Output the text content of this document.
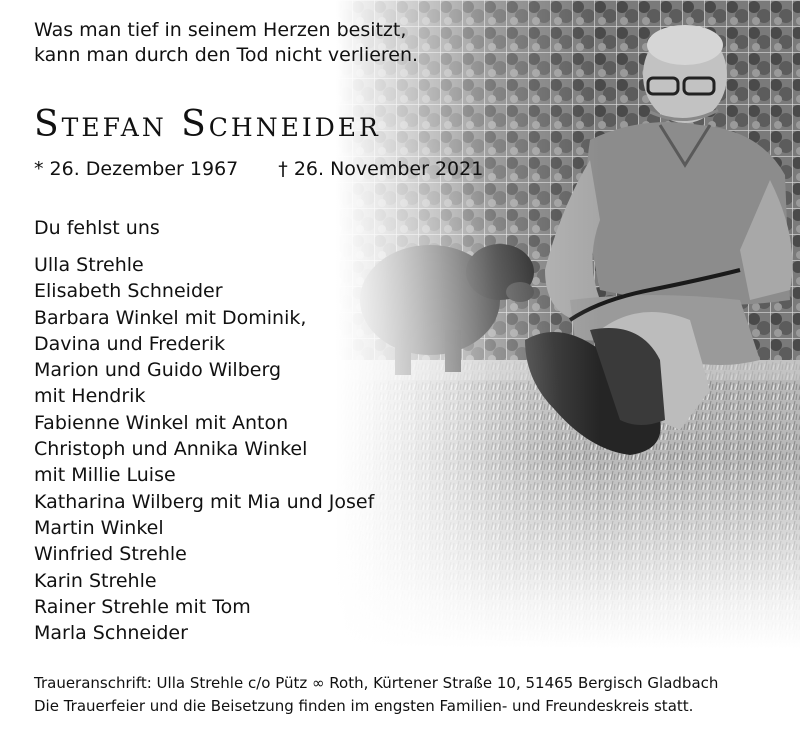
Was man tief in seinem Herzen besitzt,
kann man durch den Tod nicht verlieren.
Stefan Schneider
* 26. Dezember 1967 † 26. November 2021
Du fehlst uns
Ulla Strehle
Elisabeth Schneider
Barbara Winkel mit Dominik,
Davina und Frederik
Marion und Guido Wilberg
mit Hendrik
Fabienne Winkel mit Anton
Christoph und Annika Winkel
mit Millie Luise
Katharina Wilberg mit Mia und Josef
Martin Winkel
Winfried Strehle
Karin Strehle
Rainer Strehle mit Tom
Marla Schneider
Traueranschrift: Ulla Strehle c/o Pütz ∞ Roth, Kürtener Straße 10, 51465 Bergisch Gladbach
Die Trauerfeier und die Beisetzung finden im engsten Familien- und Freundeskreis statt.
